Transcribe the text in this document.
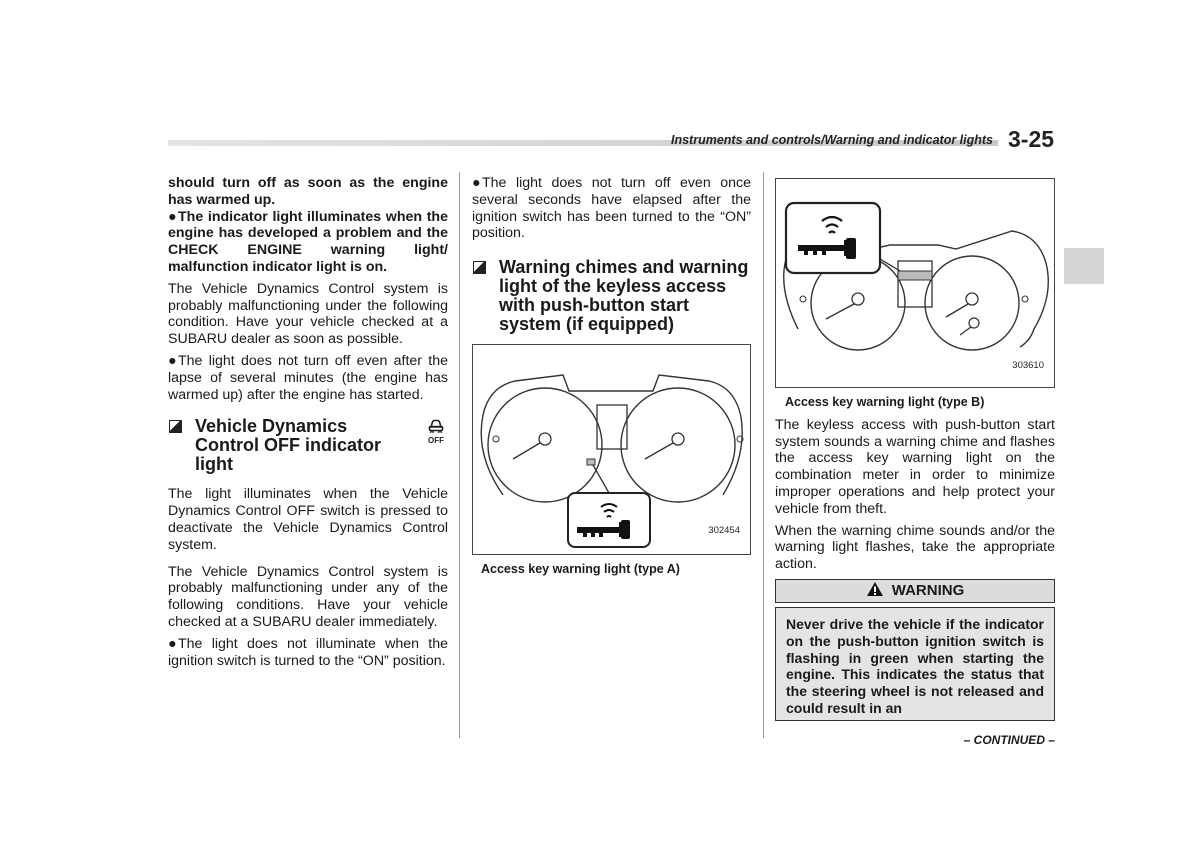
Instruments and controls/Warning and indicator lights 3-25

should turn off as soon as the engine has warmed up.

●The indicator light illuminates when the engine has developed a problem and the CHECK ENGINE warning light/ malfunction indicator light is on.

The Vehicle Dynamics Control system is probably malfunctioning under the following condition. Have your vehicle checked at a SUBARU dealer as soon as possible.

●The light does not turn off even after the lapse of several minutes (the engine has warmed up) after the engine has started.

Vehicle Dynamics Control OFF indicator light
OFF

The light illuminates when the Vehicle Dynamics Control OFF switch is pressed to deactivate the Vehicle Dynamics Control system.

The Vehicle Dynamics Control system is probably malfunctioning under any of the following conditions. Have your vehicle checked at a SUBARU dealer immediately.

●The light does not illuminate when the ignition switch is turned to the “ON” position.

●The light does not turn off even once several seconds have elapsed after the ignition switch has been turned to the “ON” position.

Warning chimes and warning light of the keyless access with push-button start system (if equipped)
302454
Access key warning light (type A)
303610
Access key warning light (type B)

The keyless access with push-button start system sounds a warning chime and flashes the access key warning light on the combination meter in order to minimize improper operations and help protect your vehicle from theft.

When the warning chime sounds and/or the warning light flashes, take the appropriate action.

WARNING
Never drive the vehicle if the indicator on the push-button ignition switch is flashing in green when starting the engine. This indicates the status that the steering wheel is not released and could result in an
– CONTINUED –
